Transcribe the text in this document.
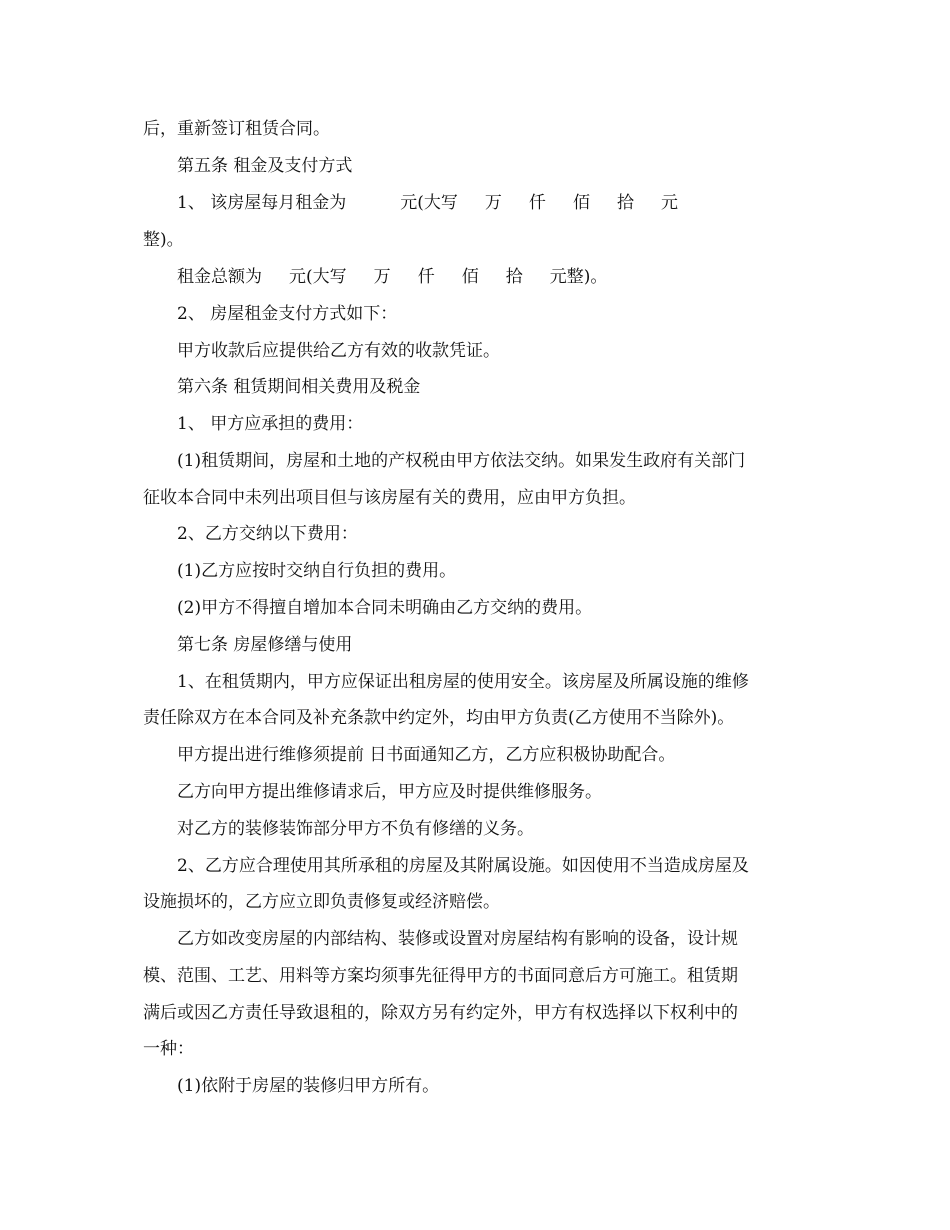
后，重新签订租赁合同。

第五条 租金及支付方式

1、 该房屋每月租金为          元(大写     万     仟     佰     拾     元

整)。

租金总额为     元(大写     万     仟     佰     拾     元整)。

2、 房屋租金支付方式如下：

甲方收款后应提供给乙方有效的收款凭证。

第六条 租赁期间相关费用及税金

1、 甲方应承担的费用：

(1)租赁期间，房屋和土地的产权税由甲方依法交纳。如果发生政府有关部门

征收本合同中未列出项目但与该房屋有关的费用，应由甲方负担。

2、乙方交纳以下费用：

(1)乙方应按时交纳自行负担的费用。

(2)甲方不得擅自增加本合同未明确由乙方交纳的费用。

第七条 房屋修缮与使用

1、在租赁期内，甲方应保证出租房屋的使用安全。该房屋及所属设施的维修

责任除双方在本合同及补充条款中约定外，均由甲方负责(乙方使用不当除外)。

甲方提出进行维修须提前 日书面通知乙方，乙方应积极协助配合。

乙方向甲方提出维修请求后，甲方应及时提供维修服务。

对乙方的装修装饰部分甲方不负有修缮的义务。

2、乙方应合理使用其所承租的房屋及其附属设施。如因使用不当造成房屋及

设施损坏的，乙方应立即负责修复或经济赔偿。

乙方如改变房屋的内部结构、装修或设置对房屋结构有影响的设备，设计规

模、范围、工艺、用料等方案均须事先征得甲方的书面同意后方可施工。租赁期

满后或因乙方责任导致退租的，除双方另有约定外，甲方有权选择以下权利中的

一种：

(1)依附于房屋的装修归甲方所有。
